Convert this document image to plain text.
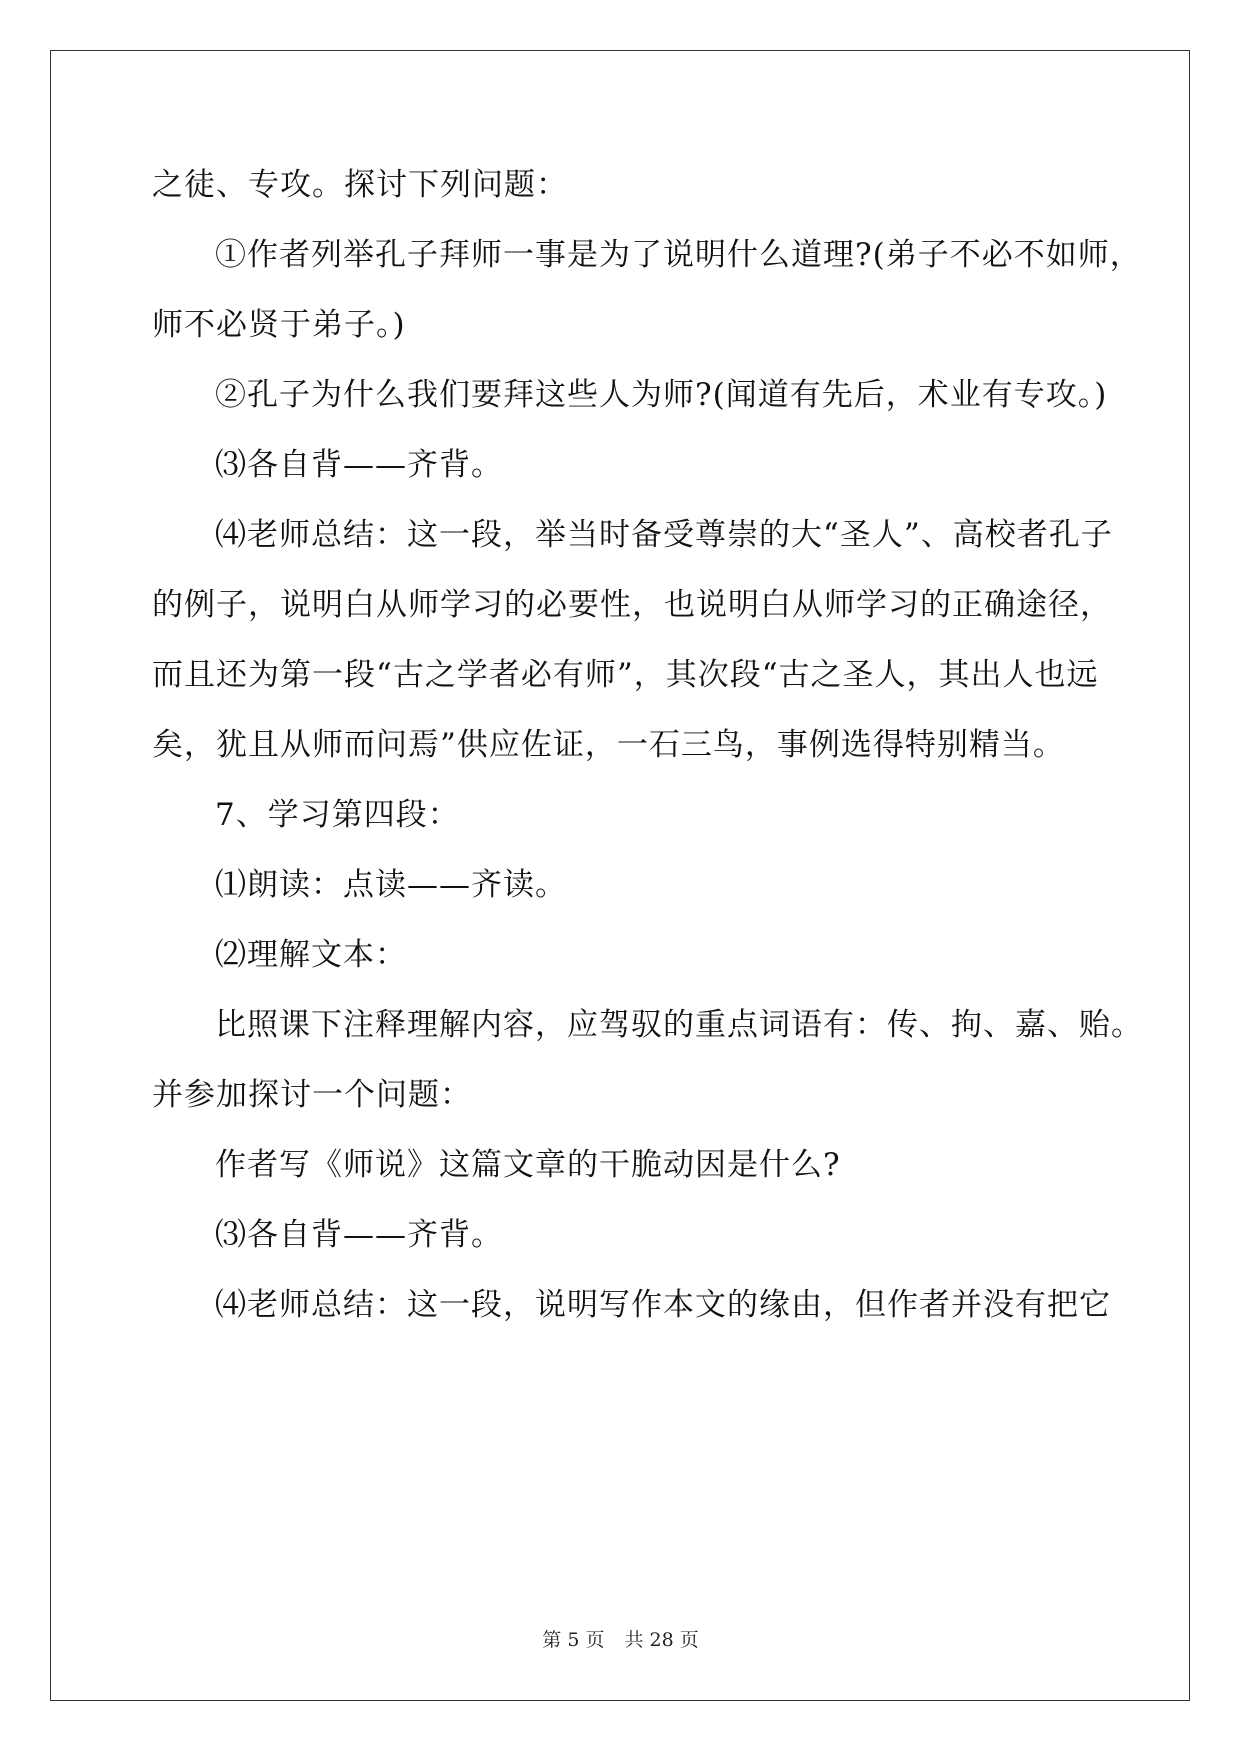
之徒、专攻。探讨下列问题：
①作者列举孔子拜师一事是为了说明什么道理?(弟子不必不如师，
师不必贤于弟子。)
②孔子为什么我们要拜这些人为师?(闻道有先后，术业有专攻。)
⑶各自背——齐背。
⑷老师总结：这一段，举当时备受尊崇的大“圣人”、高校者孔子
的例子，说明白从师学习的必要性，也说明白从师学习的正确途径，
而且还为第一段“古之学者必有师”，其次段“古之圣人，其出人也远
矣，犹且从师而问焉”供应佐证，一石三鸟，事例选得特别精当。
7、学习第四段：
⑴朗读：点读——齐读。
⑵理解文本：
比照课下注释理解内容，应驾驭的重点词语有：传、拘、嘉、贻。
并参加探讨一个问题：
作者写《师说》这篇文章的干脆动因是什么?
⑶各自背——齐背。
⑷老师总结：这一段，说明写作本文的缘由，但作者并没有把它
第 5 页 共 28 页
